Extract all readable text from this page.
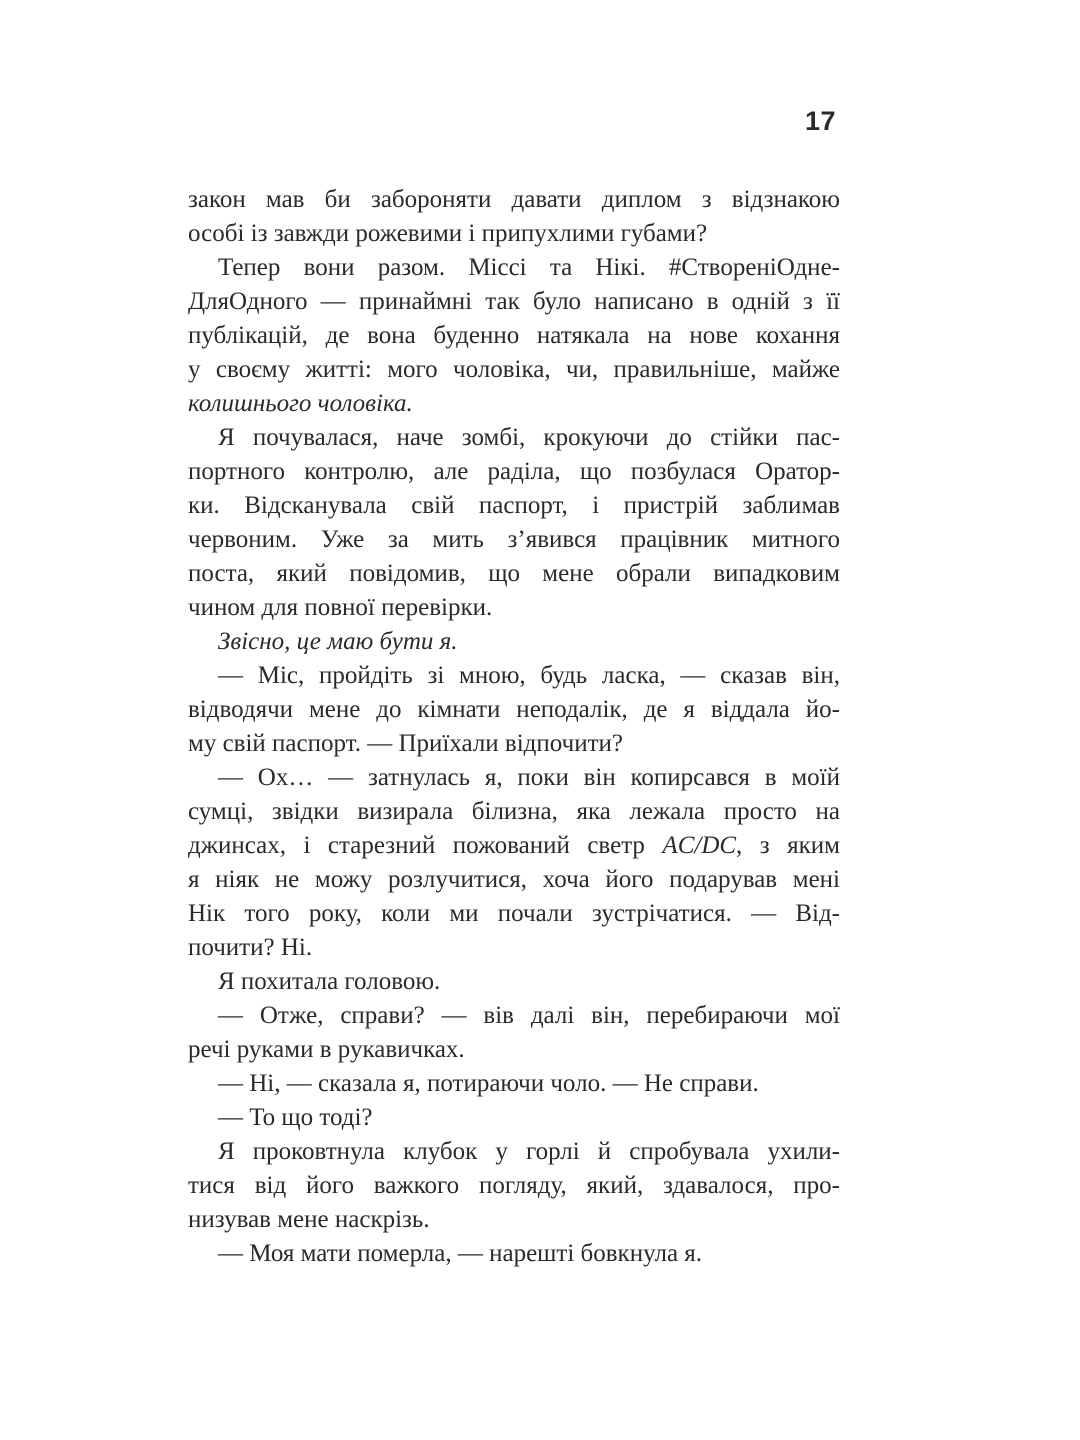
17
закон мав би забороняти давати диплом з відзнакою
особі із завжди рожевими і припухлими губами?
Тепер вони разом. Міссі та Нікі. #СтвореніОдне-
ДляОдного — принаймні так було написано в одній з її
публікацій, де вона буденно натякала на нове кохання
у своєму житті: мого чоловіка, чи, правильніше, майже
колишнього чоловіка.
Я почувалася, наче зомбі, крокуючи до стійки пас-
портного контролю, але раділа, що позбулася Оратор-
ки. Відсканувала свій паспорт, і пристрій заблимав
червоним. Уже за мить з’явився працівник митного
поста, який повідомив, що мене обрали випадковим
чином для повної перевірки.
Звісно, це маю бути я.
— Міс, пройдіть зі мною, будь ласка, — сказав він,
відводячи мене до кімнати неподалік, де я віддала йо-
му свій паспорт. — Приїхали відпочити?
— Ох… — затнулась я, поки він копирсався в моїй
сумці, звідки визирала білизна, яка лежала просто на
джинсах, і старезний пожований светр AC/DC, з яким
я ніяк не можу розлучитися, хоча його подарував мені
Нік того року, коли ми почали зустрічатися. — Від-
почити? Ні.
Я похитала головою.
— Отже, справи? — вів далі він, перебираючи мої
речі руками в рукавичках.
— Ні, — сказала я, потираючи чоло. — Не справи.
— То що тоді?
Я проковтнула клубок у горлі й спробувала ухили-
тися від його важкого погляду, який, здавалося, про-
низував мене наскрізь.
— Моя мати померла, — нарешті бовкнула я.
